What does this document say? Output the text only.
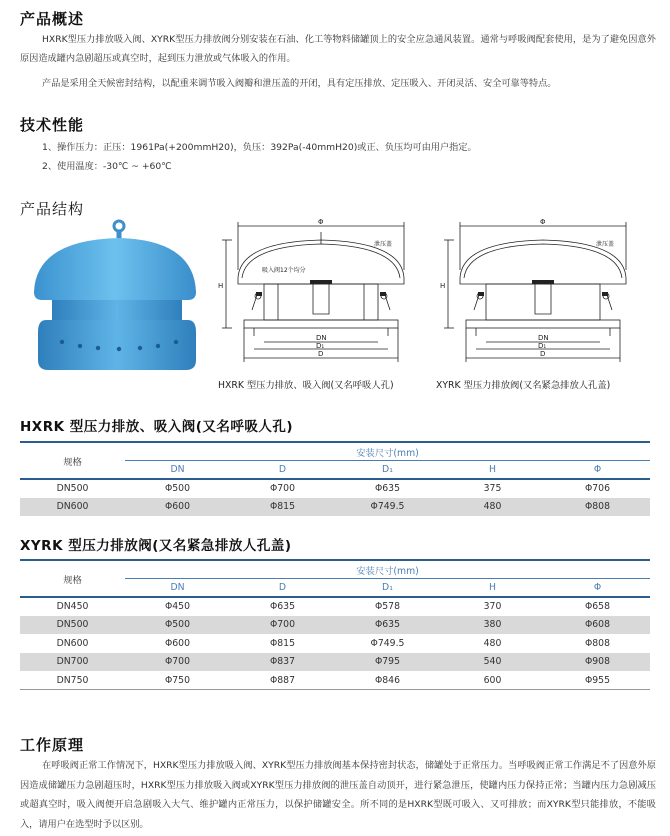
产品概述
HXRK型压力排放吸入阀、XYRK型压力排放阀分别安装在石油、化工等物料储罐顶上的安全应急通风装置。通常与呼吸阀配套使用，是为了避免因意外原因造成罐内急剧超压或真空时，起到压力泄放或气体吸入的作用。
产品是采用全天候密封结构，以配重来调节吸入阀瓣和泄压盖的开闭，具有定压排放、定压吸入、开闭灵活、安全可靠等特点。
技术性能
1、操作压力：正压：1961Pa(+200mmH20)，负压：392Pa(-40mmH20)或正、负压均可由用户指定。
2、使用温度：-30℃ ~ +60℃
产品结构
Φ
泄压盖
吸入阀12个均分
H
DN
D₁
D
Φ
泄压盖
H
DN
D₁
D
HXRK 型压力排放、吸入阀(又名呼吸人孔)	XYRK 型压力排放阀(又名紧急排放人孔盖)
HXRK 型压力排放、吸入阀(又名呼吸人孔)
规格	安装尺寸(mm)				
	DN	D	D₁	H	Φ
DN500	Φ500	Φ700	Φ635	375	Φ706
DN600	Φ600	Φ815	Φ749.5	480	Φ808
XYRK 型压力排放阀(又名紧急排放人孔盖)
规格	安装尺寸(mm)				
	DN	D	D₁	H	Φ
DN450	Φ450	Φ635	Φ578	370	Φ658
DN500	Φ500	Φ700	Φ635	380	Φ608
DN600	Φ600	Φ815	Φ749.5	480	Φ808
DN700	Φ700	Φ837	Φ795	540	Φ908
DN750	Φ750	Φ887	Φ846	600	Φ955
工作原理
在呼吸阀正常工作情况下，HXRK型压力排放吸入阀、XYRK型压力排放阀基本保持密封状态，储罐处于正常压力。当呼吸阀正常工作满足不了因意外原因造成储罐压力急剧超压时，HXRK型压力排放吸入阀或XYRK型压力排放阀的泄压盖自动顶开，进行紧急泄压，使罐内压力保持正常；当罐内压力急剧减压或超真空时，吸入阀便开启急剧吸入大气、维护罐内正常压力，以保护储罐安全。所不同的是HXRK型既可吸入、又可排放；而XYRK型只能排放，不能吸入，请用户在选型时予以区别。
